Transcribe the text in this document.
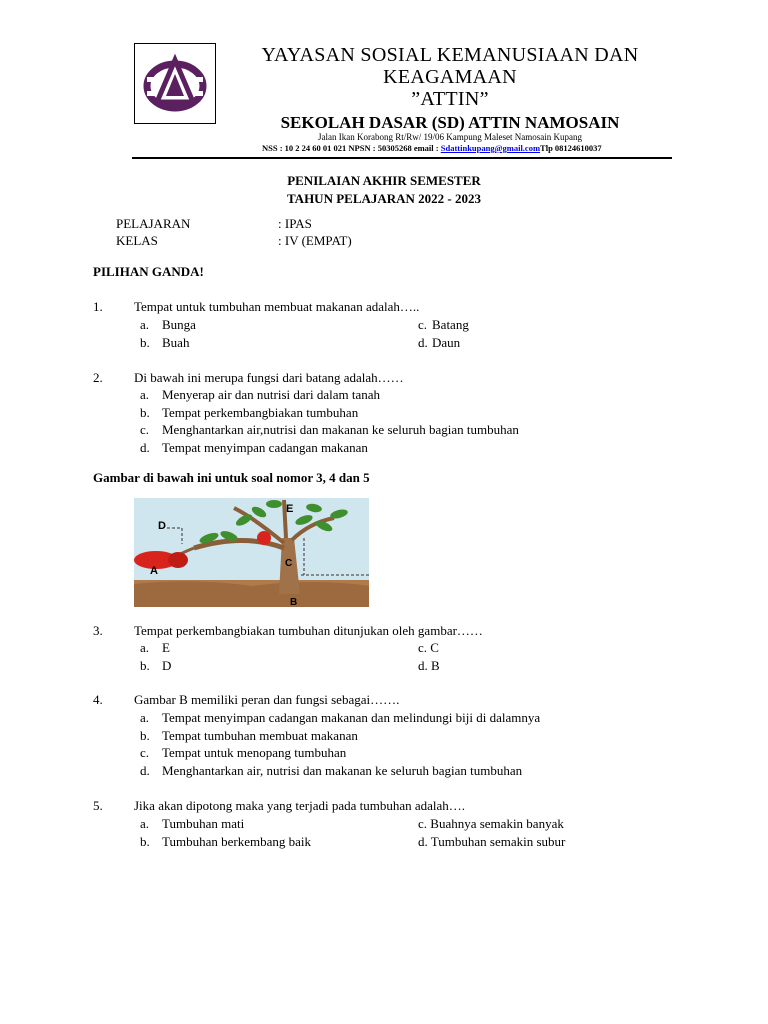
YAYASAN SOSIAL KEMANUSIAAN DAN
KEAGAMAAN
”ATTIN”
SEKOLAH DASAR (SD) ATTIN NAMOSAIN
Jalan Ikan Korabong Rt/Rw/ 19/06 Kampung Maleset Namosain Kupang
NSS : 10 2 24 60 01 021 NPSN : 50305268 email : Sdattinkupang@gmail.comTlp 08124610037
PENILAIAN AKHIR SEMESTER
TAHUN PELAJARAN 2022 - 2023
PELAJARAN	: IPAS
KELAS	: IV (EMPAT)
PILIHAN GANDA!
1. Tempat untuk tumbuhan membuat makanan adalah…..
a. Bunga
b. Buah
c. Batang
d. Daun
2. Di bawah ini merupa fungsi dari batang adalah……
a. Menyerap air dan nutrisi dari dalam tanah
b. Tempat perkembangbiakan tumbuhan
c. Menghantarkan air,nutrisi dan makanan ke seluruh bagian tumbuhan
d. Tempat menyimpan cadangan makanan
Gambar di bawah ini untuk soal nomor 3, 4 dan 5
D
E
A
C
B
3. Tempat perkembangbiakan tumbuhan ditunjukan oleh gambar……
a. E
b. D
c. C
d. B
4. Gambar B memiliki peran dan fungsi sebagai…….
a. Tempat menyimpan cadangan makanan dan melindungi biji di dalamnya
b. Tempat tumbuhan membuat makanan
c. Tempat untuk menopang tumbuhan
d. Menghantarkan air, nutrisi dan makanan ke seluruh bagian tumbuhan
5. Jika akan dipotong maka yang terjadi pada tumbuhan adalah….
a. Tumbuhan mati
b. Tumbuhan berkembang baik
c. Buahnya semakin banyak
d. Tumbuhan semakin subur
